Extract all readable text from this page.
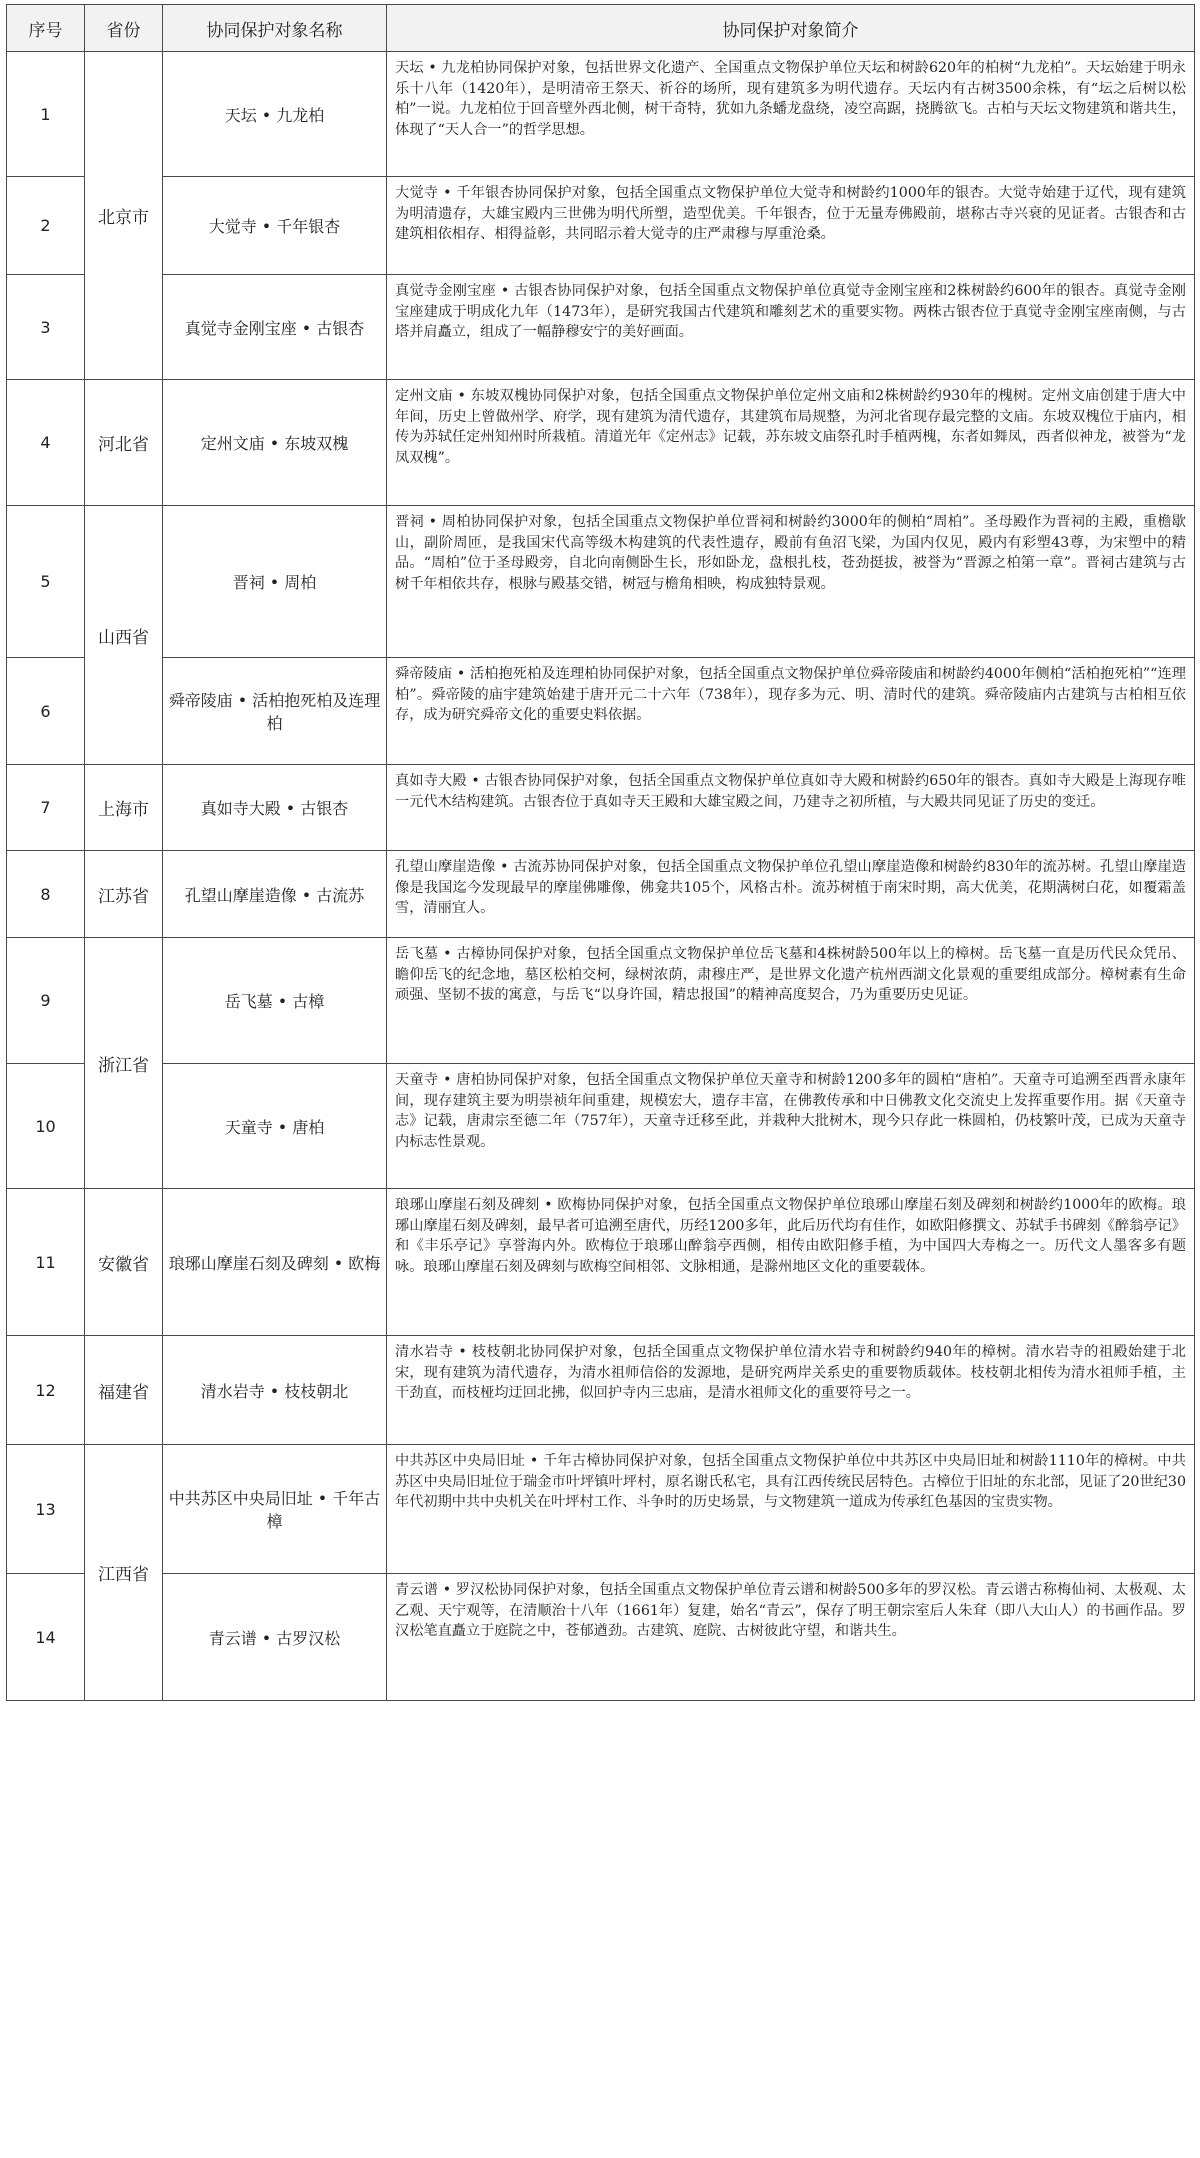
序号	省份	协同保护对象名称	协同保护对象简介
1	北京市	天坛 • 九龙柏	天坛 • 九龙柏协同保护对象，包括世界文化遗产、全国重点文物保护单位天坛和树龄620年的柏树“九龙柏”。天坛始建于明永乐十八年（1420年），是明清帝王祭天、祈谷的场所，现有建筑多为明代遗存。天坛内有古树3500余株，有“坛之后树以松柏”一说。九龙柏位于回音壁外西北侧，树干奇特，犹如九条蟠龙盘绕，凌空高踞，挠腾欲飞。古柏与天坛文物建筑和谐共生，体现了“天人合一”的哲学思想。
2		大觉寺 • 千年银杏	大觉寺 • 千年银杏协同保护对象，包括全国重点文物保护单位大觉寺和树龄约1000年的银杏。大觉寺始建于辽代，现有建筑为明清遗存，大雄宝殿内三世佛为明代所塑，造型优美。千年银杏，位于无量寿佛殿前，堪称古寺兴衰的见证者。古银杏和古建筑相依相存、相得益彰，共同昭示着大觉寺的庄严肃穆与厚重沧桑。
3		真觉寺金刚宝座 • 古银杏	真觉寺金刚宝座 • 古银杏协同保护对象，包括全国重点文物保护单位真觉寺金刚宝座和2株树龄约600年的银杏。真觉寺金刚宝座建成于明成化九年（1473年），是研究我国古代建筑和雕刻艺术的重要实物。两株古银杏位于真觉寺金刚宝座南侧，与古塔并肩矗立，组成了一幅静穆安宁的美好画面。
4	河北省	定州文庙 • 东坡双槐	定州文庙 • 东坡双槐协同保护对象，包括全国重点文物保护单位定州文庙和2株树龄约930年的槐树。定州文庙创建于唐大中年间，历史上曾做州学、府学，现有建筑为清代遗存，其建筑布局规整，为河北省现存最完整的文庙。东坡双槐位于庙内，相传为苏轼任定州知州时所栽植。清道光年《定州志》记载，苏东坡文庙祭孔时手植两槐，东者如舞凤，西者似神龙，被誉为“龙凤双槐”。
5	山西省	晋祠 • 周柏	晋祠 • 周柏协同保护对象，包括全国重点文物保护单位晋祠和树龄约3000年的侧柏“周柏”。圣母殿作为晋祠的主殿，重檐歇山，副阶周匝，是我国宋代高等级木构建筑的代表性遗存，殿前有鱼沼飞梁，为国内仅见，殿内有彩塑43尊，为宋塑中的精品。“周柏”位于圣母殿旁，自北向南侧卧生长，形如卧龙，盘根扎枝，苍劲挺拔，被誉为“晋源之柏第一章”。晋祠古建筑与古树千年相依共存，根脉与殿基交错，树冠与檐角相映，构成独特景观。
6		舜帝陵庙 • 活柏抱死柏及连理柏	舜帝陵庙 • 活柏抱死柏及连理柏协同保护对象，包括全国重点文物保护单位舜帝陵庙和树龄约4000年侧柏“活柏抱死柏”“连理柏”。舜帝陵的庙宇建筑始建于唐开元二十六年（738年），现存多为元、明、清时代的建筑。舜帝陵庙内古建筑与古柏相互依存，成为研究舜帝文化的重要史料依据。
7	上海市	真如寺大殿 • 古银杏	真如寺大殿 • 古银杏协同保护对象，包括全国重点文物保护单位真如寺大殿和树龄约650年的银杏。真如寺大殿是上海现存唯一元代木结构建筑。古银杏位于真如寺天王殿和大雄宝殿之间，乃建寺之初所植，与大殿共同见证了历史的变迁。
8	江苏省	孔望山摩崖造像 • 古流苏	孔望山摩崖造像 • 古流苏协同保护对象，包括全国重点文物保护单位孔望山摩崖造像和树龄约830年的流苏树。孔望山摩崖造像是我国迄今发现最早的摩崖佛雕像，佛龛共105个，风格古朴。流苏树植于南宋时期，高大优美，花期满树白花，如覆霜盖雪，清丽宜人。
9	浙江省	岳飞墓 • 古樟	岳飞墓 • 古樟协同保护对象，包括全国重点文物保护单位岳飞墓和4株树龄500年以上的樟树。岳飞墓一直是历代民众凭吊、瞻仰岳飞的纪念地，墓区松柏交柯，绿树浓荫，肃穆庄严，是世界文化遗产杭州西湖文化景观的重要组成部分。樟树素有生命顽强、坚韧不拔的寓意，与岳飞“以身许国，精忠报国”的精神高度契合，乃为重要历史见证。
10		天童寺 • 唐柏	天童寺 • 唐柏协同保护对象，包括全国重点文物保护单位天童寺和树龄1200多年的圆柏“唐柏”。天童寺可追溯至西晋永康年间，现存建筑主要为明崇祯年间重建，规模宏大，遗存丰富，在佛教传承和中日佛教文化交流史上发挥重要作用。据《天童寺志》记载，唐肃宗至德二年（757年），天童寺迁移至此，并栽种大批树木，现今只存此一株圆柏，仍枝繁叶茂，已成为天童寺内标志性景观。
11	安徽省	琅琊山摩崖石刻及碑刻 • 欧梅	琅琊山摩崖石刻及碑刻 • 欧梅协同保护对象，包括全国重点文物保护单位琅琊山摩崖石刻及碑刻和树龄约1000年的欧梅。琅琊山摩崖石刻及碑刻，最早者可追溯至唐代，历经1200多年，此后历代均有佳作，如欧阳修撰文、苏轼手书碑刻《醉翁亭记》和《丰乐亭记》享誉海内外。欧梅位于琅琊山醉翁亭西侧，相传由欧阳修手植，为中国四大寿梅之一。历代文人墨客多有题咏。琅琊山摩崖石刻及碑刻与欧梅空间相邻、文脉相通，是滁州地区文化的重要载体。
12	福建省	清水岩寺 • 枝枝朝北	清水岩寺 • 枝枝朝北协同保护对象，包括全国重点文物保护单位清水岩寺和树龄约940年的樟树。清水岩寺的祖殿始建于北宋，现有建筑为清代遗存，为清水祖师信俗的发源地，是研究两岸关系史的重要物质载体。枝枝朝北相传为清水祖师手植，主干劲直，而枝桠均迂回北拂，似回护寺内三忠庙，是清水祖师文化的重要符号之一。
13	江西省	中共苏区中央局旧址 • 千年古樟	中共苏区中央局旧址 • 千年古樟协同保护对象，包括全国重点文物保护单位中共苏区中央局旧址和树龄1110年的樟树。中共苏区中央局旧址位于瑞金市叶坪镇叶坪村，原名谢氏私宅，具有江西传统民居特色。古樟位于旧址的东北部，见证了20世纪30年代初期中共中央机关在叶坪村工作、斗争时的历史场景，与文物建筑一道成为传承红色基因的宝贵实物。
14		青云谱 • 古罗汉松	青云谱 • 罗汉松协同保护对象，包括全国重点文物保护单位青云谱和树龄500多年的罗汉松。青云谱古称梅仙祠、太极观、太乙观、天宁观等，在清顺治十八年（1661年）复建，始名“青云”，保存了明王朝宗室后人朱耷（即八大山人）的书画作品。罗汉松笔直矗立于庭院之中，苍郁遒劲。古建筑、庭院、古树彼此守望，和谐共生。
